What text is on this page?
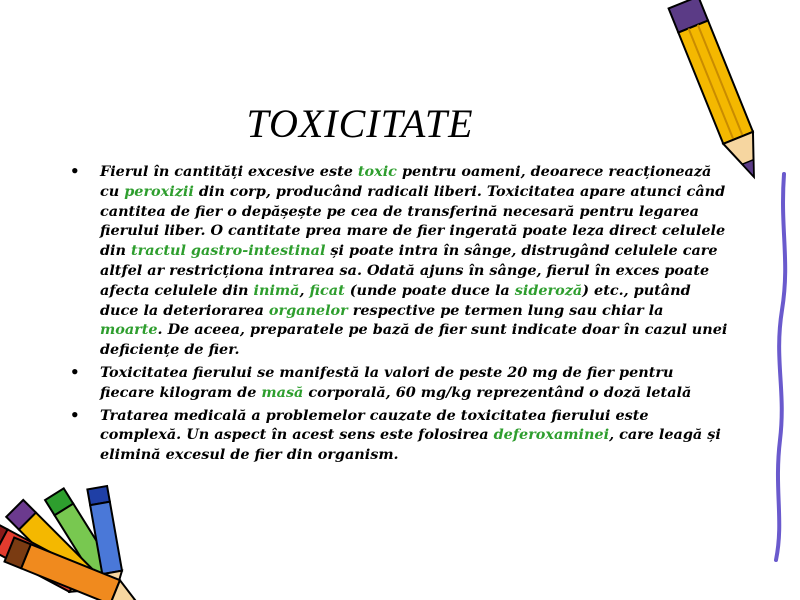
TOXICITATE
• Fierul în cantități excesive este toxic pentru oameni, deoarece reacționează cu peroxizii din corp, producând radicali liberi. Toxicitatea apare atunci când cantitea de fier o depășește pe cea de transferină necesară pentru legarea fierului liber. O cantitate prea mare de fier ingerată poate leza direct celulele din tractul gastro-intestinal și poate intra în sânge, distrugând celulele care altfel ar restricționa intrarea sa. Odată ajuns în sânge, fierul în exces poate afecta celulele din inimă, ficat (unde poate duce la sideroză) etc., putând duce la deteriorarea organelor respective pe termen lung sau chiar la moarte. De aceea, preparatele pe bază de fier sunt indicate doar în cazul unei deficiențe de fier.
• Toxicitatea fierului se manifestă la valori de peste 20 mg de fier pentru fiecare kilogram de masă corporală, 60 mg/kg reprezentând o doză letală
• Tratarea medicală a problemelor cauzate de toxicitatea fierului este complexă. Un aspect în acest sens este folosirea deferoxaminei, care leagă și elimină excesul de fier din organism.
